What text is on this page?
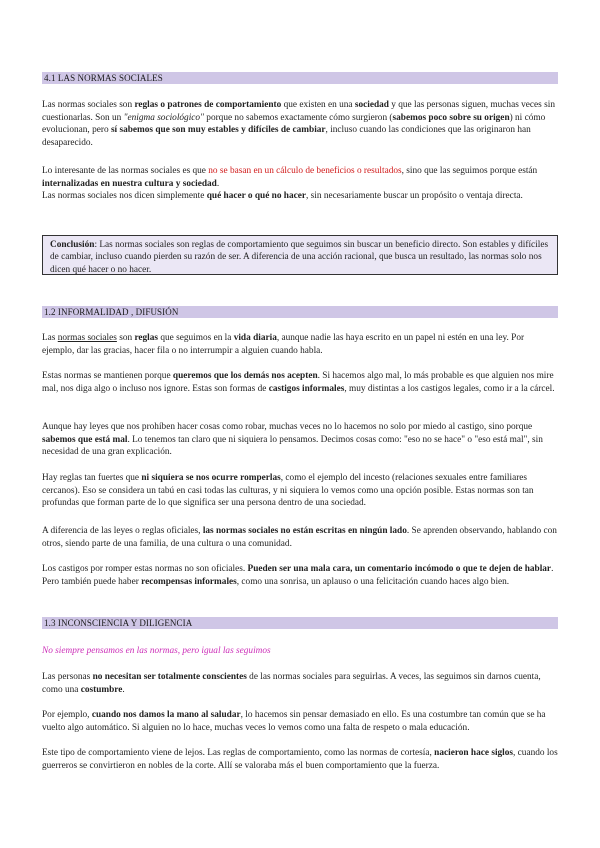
4.1 LAS NORMAS SOCIALES

Las normas sociales son reglas o patrones de comportamiento que existen en una sociedad y que las personas siguen, muchas veces sin cuestionarlas. Son un "enigma sociológico" porque no sabemos exactamente cómo surgieron (sabemos poco sobre su origen) ni cómo evolucionan, pero sí sabemos que son muy estables y difíciles de cambiar, incluso cuando las condiciones que las originaron han desaparecido.

Lo interesante de las normas sociales es que no se basan en un cálculo de beneficios o resultados, sino que las seguimos porque están internalizadas en nuestra cultura y sociedad.
Las normas sociales nos dicen simplemente qué hacer o qué no hacer, sin necesariamente buscar un propósito o ventaja directa.

Conclusión: Las normas sociales son reglas de comportamiento que seguimos sin buscar un beneficio directo. Son estables y difíciles de cambiar, incluso cuando pierden su razón de ser. A diferencia de una acción racional, que busca un resultado, las normas solo nos dicen qué hacer o no hacer.
1.2 INFORMALIDAD , DIFUSIÓN

Las normas sociales son reglas que seguimos en la vida diaria, aunque nadie las haya escrito en un papel ni estén en una ley. Por ejemplo, dar las gracias, hacer fila o no interrumpir a alguien cuando habla.

Estas normas se mantienen porque queremos que los demás nos acepten. Si hacemos algo mal, lo más probable es que alguien nos mire mal, nos diga algo o incluso nos ignore. Estas son formas de castigos informales, muy distintas a los castigos legales, como ir a la cárcel.

Aunque hay leyes que nos prohíben hacer cosas como robar, muchas veces no lo hacemos no solo por miedo al castigo, sino porque sabemos que está mal. Lo tenemos tan claro que ni siquiera lo pensamos. Decimos cosas como: "eso no se hace" o "eso está mal", sin necesidad de una gran explicación.

Hay reglas tan fuertes que ni siquiera se nos ocurre romperlas, como el ejemplo del incesto (relaciones sexuales entre familiares cercanos). Eso se considera un tabú en casi todas las culturas, y ni siquiera lo vemos como una opción posible. Estas normas son tan profundas que forman parte de lo que significa ser una persona dentro de una sociedad.

A diferencia de las leyes o reglas oficiales, las normas sociales no están escritas en ningún lado. Se aprenden observando, hablando con otros, siendo parte de una familia, de una cultura o una comunidad.

Los castigos por romper estas normas no son oficiales. Pueden ser una mala cara, un comentario incómodo o que te dejen de hablar. Pero también puede haber recompensas informales, como una sonrisa, un aplauso o una felicitación cuando haces algo bien.

1.3 INCONSCIENCIA Y DILIGENCIA

No siempre pensamos en las normas, pero igual las seguimos

Las personas no necesitan ser totalmente conscientes de las normas sociales para seguirlas. A veces, las seguimos sin darnos cuenta, como una costumbre.

Por ejemplo, cuando nos damos la mano al saludar, lo hacemos sin pensar demasiado en ello. Es una costumbre tan común que se ha vuelto algo automático. Si alguien no lo hace, muchas veces lo vemos como una falta de respeto o mala educación.

Este tipo de comportamiento viene de lejos. Las reglas de comportamiento, como las normas de cortesía, nacieron hace siglos, cuando los guerreros se convirtieron en nobles de la corte. Allí se valoraba más el buen comportamiento que la fuerza.
